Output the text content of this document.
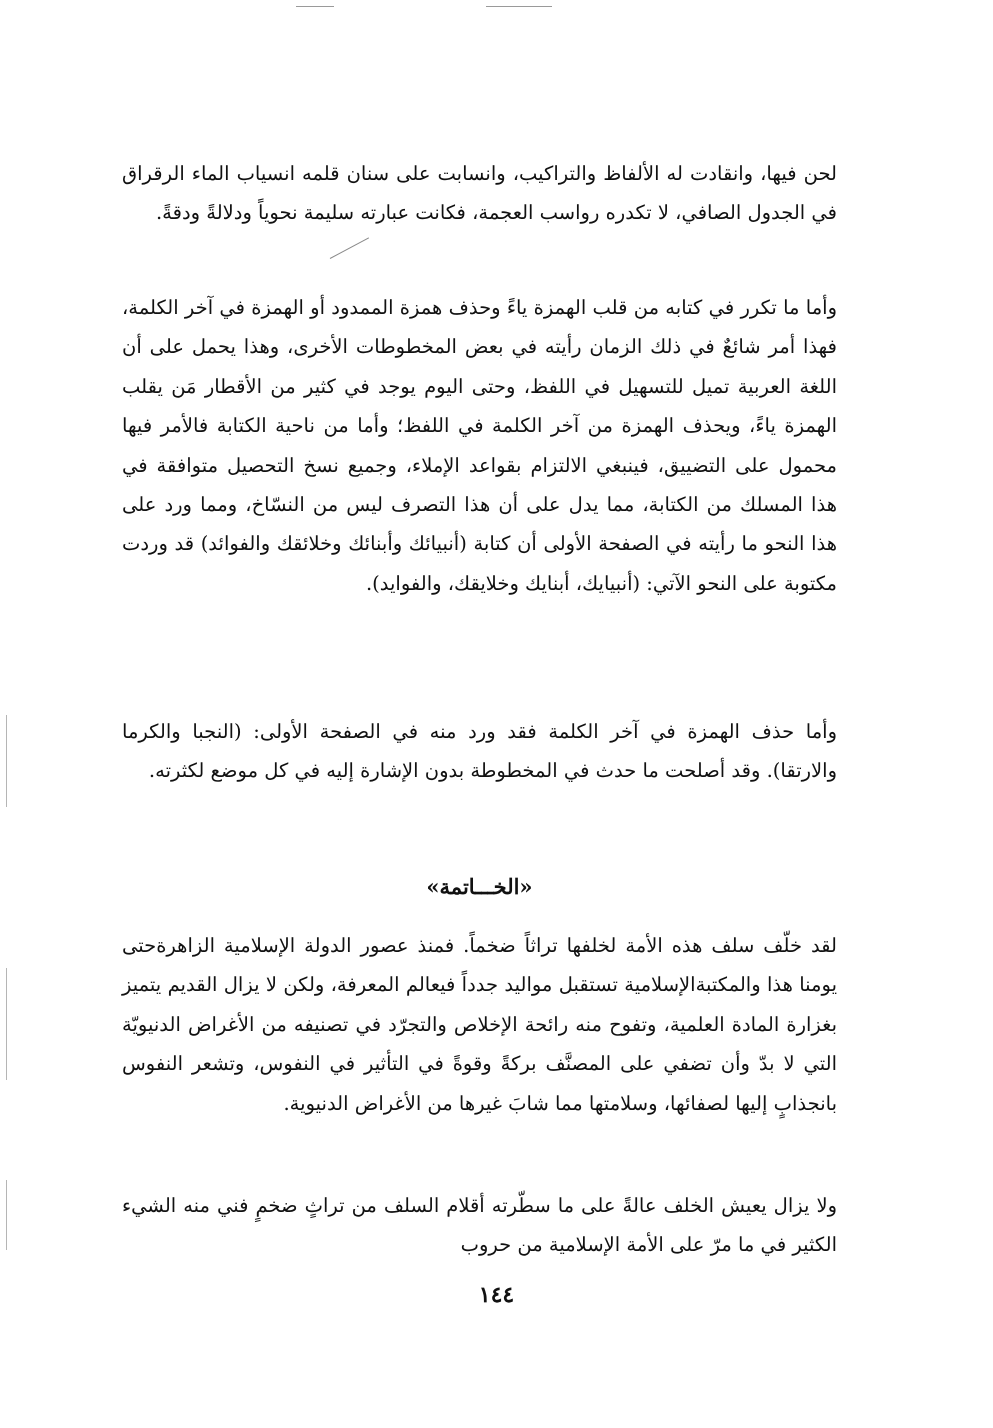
لحن فيها، وانقادت له الألفاظ والتراكيب، وانسابت على سنان قلمه انسياب الماء الرقراق في الجدول الصافي، لا تكدره رواسب العجمة، فكانت عبارته سليمة نحوياً ودلالةً ودقةً.

وأما ما تكرر في كتابه من قلب الهمزة ياءً وحذف همزة الممدود أو الهمزة في آخر الكلمة، فهذا أمر شائعٌ في ذلك الزمان رأيته في بعض المخطوطات الأخرى، وهذا يحمل على أن اللغة العربية تميل للتسهيل في اللفظ، وحتى اليوم يوجد في كثير من الأقطار مَن يقلب الهمزة ياءً، ويحذف الهمزة من آخر الكلمة في اللفظ؛ وأما من ناحية الكتابة فالأمر فيها محمول على التضييق، فينبغي الالتزام بقواعد الإملاء، وجميع نسخ التحصيل متوافقة في هذا المسلك من الكتابة، مما يدل على أن هذا التصرف ليس من النسّاخ، ومما ورد على هذا النحو ما رأيته في الصفحة الأولى أن كتابة (أنبيائك وأبنائك وخلائقك والفوائد) قد وردت مكتوبة على النحو الآتي: (أنبيايك، أبنايك وخلايقك، والفوايد).

وأما حذف الهمزة في آخر الكلمة فقد ورد منه في الصفحة الأولى: (النجبا والكرما والارتقا). وقد أصلحت ما حدث في المخطوطة بدون الإشارة إليه في كل موضع لكثرته.

«الخـــاتمة»

لقد خلّف سلف هذه الأمة لخلفها تراثاً ضخماً. فمنذ عصور الدولة الإسلامية الزاهرةحتى يومنا هذا والمكتبةالإسلامية تستقبل مواليد جدداً فيعالم المعرفة، ولكن لا يزال القديم يتميز بغزارة المادة العلمية، وتفوح منه رائحة الإخلاص والتجرّد في تصنيفه من الأغراض الدنيويّة التي لا بدّ وأن تضفي على المصنَّف بركةً وقوةً في التأثير في النفوس، وتشعر النفوس بانجذابٍ إليها لصفائها، وسلامتها مما شابَ غيرها من الأغراض الدنيوية.

ولا يزال يعيش الخلف عالةً على ما سطّرته أقلام السلف من تراثٍ ضخمٍ فني منه الشيء الكثير في ما مرّ على الأمة الإسلامية من حروب

١٤٤
